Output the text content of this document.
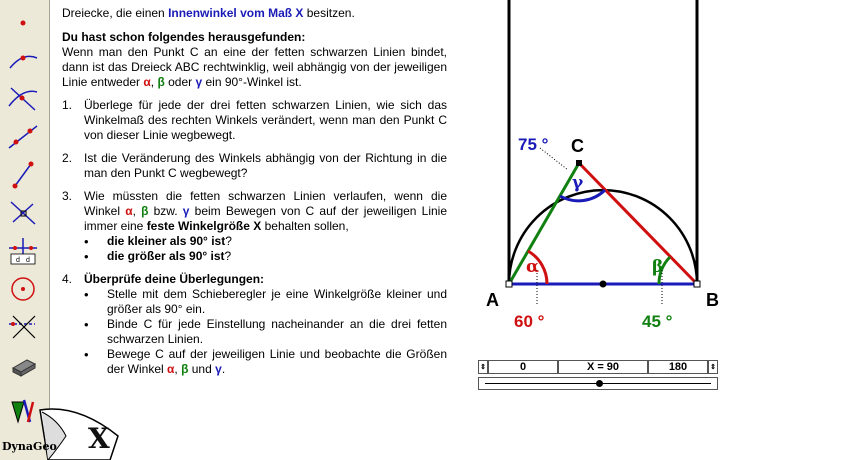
d d
X
DynaGeo

Dreiecke, die einen Innenwinkel vom Maß X besitzen.

Du hast schon folgendes herausgefunden:

Wenn man den Punkt C an eine der fetten schwarzen Linien bindet, dann ist das Dreieck ABC rechtwinklig, weil abhängig von der jeweiligen Linie entweder α, β oder γ ein 90°-Winkel ist.

1. Überlege für jede der drei fetten schwarzen Linien, wie sich das Winkelmaß des rechten Winkels verändert, wenn man den Punkt C von dieser Linie wegbewegt.
2. Ist die Veränderung des Winkels abhängig von der Richtung in die man den Punkt C wegbewegt?
3. Wie müssten die fetten schwarzen Linien verlaufen, wenn die Winkel α, β bzw. γ beim Bewegen von C auf der jeweiligen Linie immer eine feste Winkelgröße X behalten sollen,
• die kleiner als 90° ist?
• die größer als 90° ist?
4. Überprüfe deine Überlegungen:
• Stelle mit dem Schieberegler je eine Winkelgröße kleiner und größer als 90° ein.
• Binde C für jede Einstellung nacheinander an die drei fetten schwarzen Linien.
• Bewege C auf der jeweiligen Linie und beobachte die Größen der Winkel α, β und γ.
A	B
C
α	β
γ
60 °	45 °
75 °
⇕	0	X = 90	180	⇕
